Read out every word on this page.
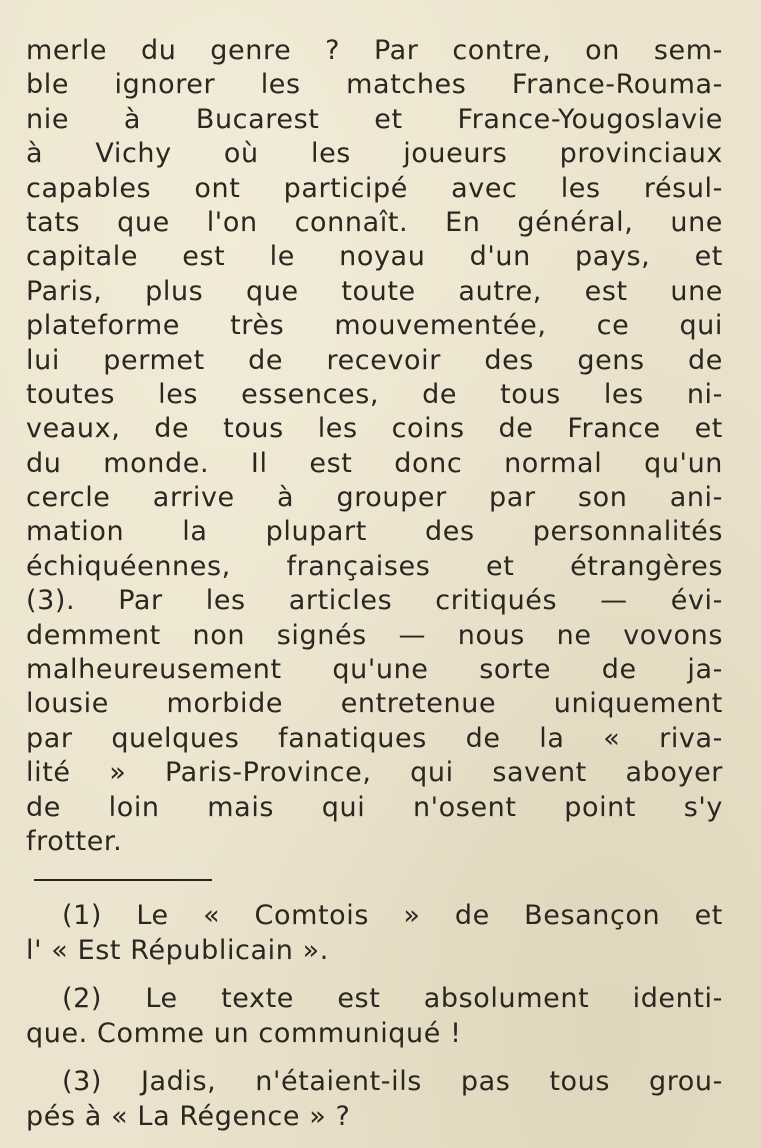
merle du genre ? Par contre, on sem-
ble ignorer les matches France-Rouma-
nie à Bucarest et France-Yougoslavie
à Vichy où les joueurs provinciaux
capables ont participé avec les résul-
tats que l'on connaît. En général, une
capitale est le noyau d'un pays, et
Paris, plus que toute autre, est une
plateforme très mouvementée, ce qui
lui permet de recevoir des gens de
toutes les essences, de tous les ni-
veaux, de tous les coins de France et
du monde. Il est donc normal qu'un
cercle arrive à grouper par son ani-
mation la plupart des personnalités
échiquéennes, françaises et étrangères
(3). Par les articles critiqués — évi-
demment non signés — nous ne vovons
malheureusement qu'une sorte de ja-
lousie morbide entretenue uniquement
par quelques fanatiques de la « riva-
lité » Paris-Province, qui savent aboyer
de loin mais qui n'osent point s'y
frotter.
(1) Le « Comtois » de Besançon et
l' « Est Républicain ».
(2) Le texte est absolument identi-
que. Comme un communiqué !
(3) Jadis, n'étaient-ils pas tous grou-
pés à « La Régence » ?
